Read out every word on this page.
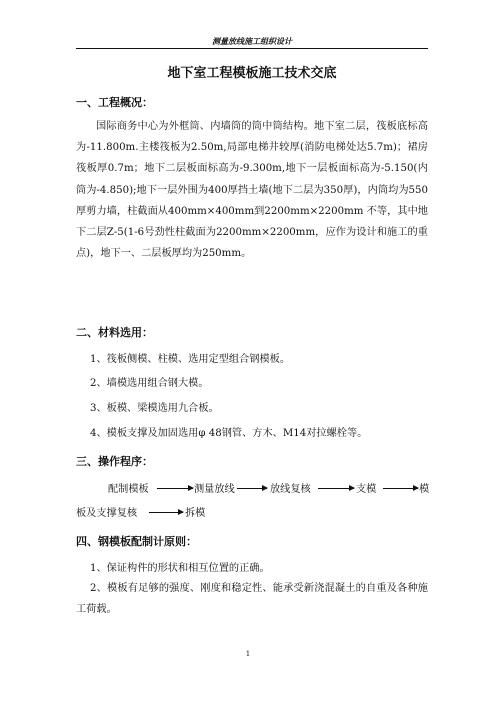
测量放线施工组织设计
地下室工程模板施工技术交底
一、工程概况：
国际商务中心为外框筒、内墙筒的筒中筒结构。地下室二层，筏板底标高为-11.800m.主楼筏板为2.50m,局部电梯井较厚(消防电梯处达5.7m)；裙房筏板厚0.7m；地下二层板面标高为-9.300m,地下一层板面标高为-5.150(内筒为-4.850);地下一层外围为400厚挡土墙(地下二层为350厚)，内筒均为550厚剪力墙，柱截面从400mm×400mm到2200mm×2200mm 不等，其中地下二层Z-5(1-6号劲性柱截面为2200mm×2200mm，应作为设计和施工的重点)，地下一、二层板厚均为250mm。
二、材料选用：
1、筏板侧模、柱模、选用定型组合钢模板。
2、墙模选用组合钢大模。
3、板模、梁模选用九合板。
4、模板支撑及加固选用φ 48钢管、方木、M14对拉螺栓等。
三、操作程序：
配制模板	测量放线	放线复核	支模	模
板及支撑复核	拆模
四、钢模板配制计原则：
1、保证构件的形状和相互位置的正确。
2、模板有足够的强度、刚度和稳定性、能承受新浇混凝土的自重及各种施工荷载。
1
